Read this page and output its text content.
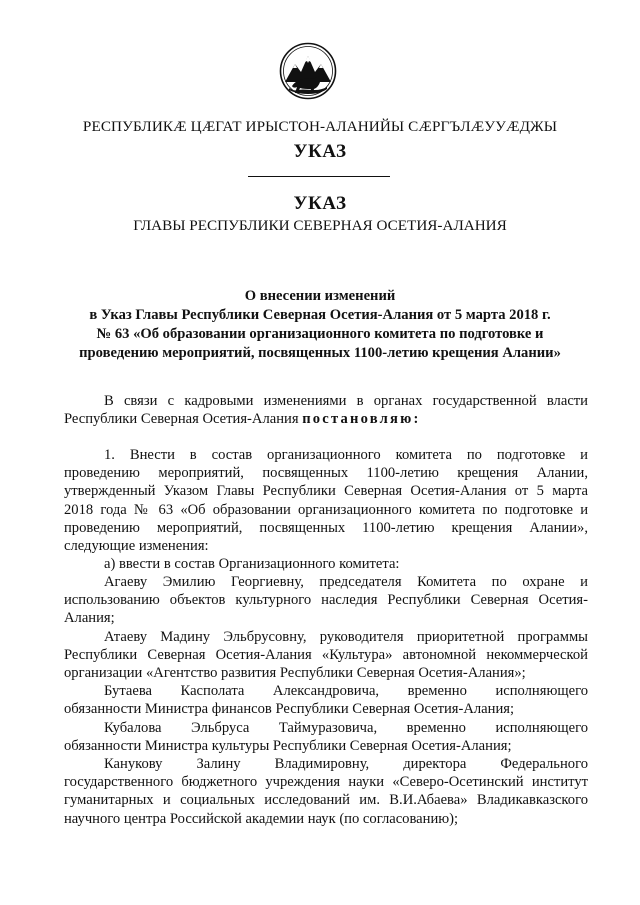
РЕСПУБЛИКӔ ЦӔГАТ ИРЫСТОН-АЛАНИЙЫ СӔРГЪЛӔУУӔДЖЫ
УКАЗ
УКАЗ
ГЛАВЫ РЕСПУБЛИКИ СЕВЕРНАЯ ОСЕТИЯ-АЛАНИЯ
О внесении изменений
в Указ Главы Республики Северная Осетия-Алания от 5 марта 2018 г.
№ 63 «Об образовании организационного комитета по подготовке и
проведению мероприятий, посвященных 1100-летию крещения Алании»
В связи с кадровыми изменениями в органах государственной власти
Республики Северная Осетия-Алания постановляю:
1. Внести в состав организационного комитета по подготовке и
проведению мероприятий, посвященных 1100-летию крещения Алании,
утвержденный Указом Главы Республики Северная Осетия-Алания от 5 марта
2018 года № 63 «Об образовании организационного комитета по подготовке и
проведению мероприятий, посвященных 1100-летию крещения Алании»,
следующие изменения:
а) ввести в состав Организационного комитета:
Агаеву Эмилию Георгиевну, председателя Комитета по охране и
использованию объектов культурного наследия Республики Северная Осетия-
Алания;
Атаеву Мадину Эльбрусовну, руководителя приоритетной программы
Республики Северная Осетия-Алания «Культура» автономной некоммерческой
организации «Агентство развития Республики Северная Осетия-Алания»;
Бутаева Касполата Александровича, временно исполняющего
обязанности Министра финансов Республики Северная Осетия-Алания;
Кубалова Эльбруса Таймуразовича, временно исполняющего
обязанности Министра культуры Республики Северная Осетия-Алания;
Канукову Залину Владимировну, директора Федерального
государственного бюджетного учреждения науки «Северо-Осетинский институт
гуманитарных и социальных исследований им. В.И.Абаева» Владикавказского
научного центра Российской академии наук (по согласованию);
